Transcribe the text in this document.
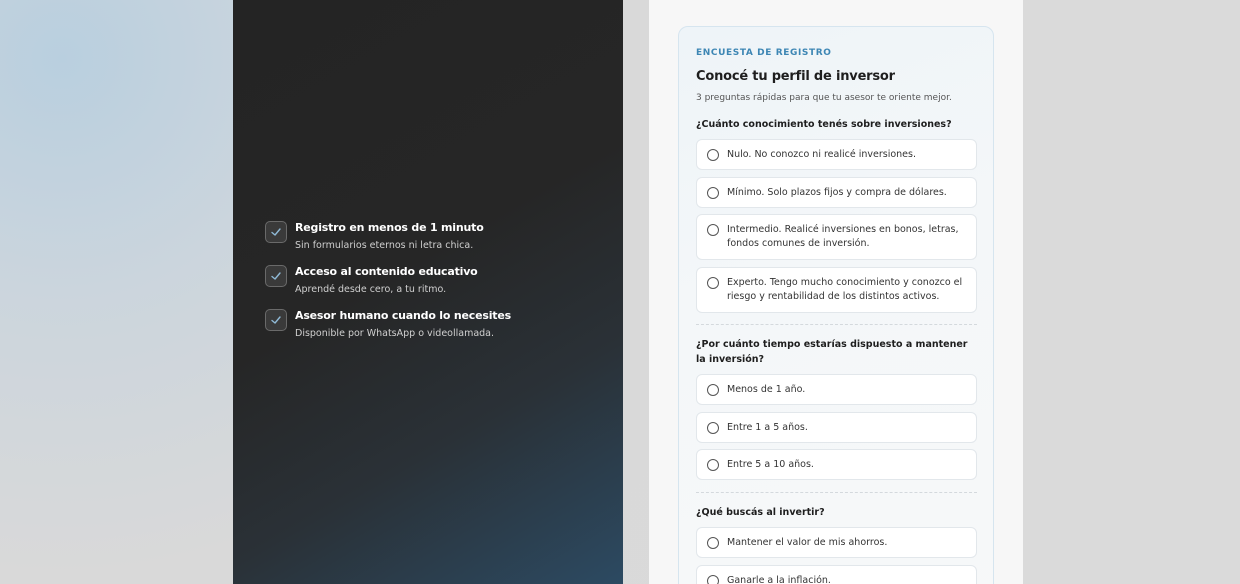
Registro en menos de 1 minuto
Sin formularios eternos ni letra chica.
Acceso al contenido educativo
Aprendé desde cero, a tu ritmo.
Asesor humano cuando lo necesites
Disponible por WhatsApp o videollamada.
ENCUESTA DE REGISTRO
Conocé tu perfil de inversor
3 preguntas rápidas para que tu asesor te oriente mejor.
¿Cuánto conocimiento tenés sobre inversiones?
Nulo. No conozco ni realicé inversiones.
Mínimo. Solo plazos fijos y compra de dólares.
Intermedio. Realicé inversiones en bonos, letras, fondos comunes de inversión.
Experto. Tengo mucho conocimiento y conozco el riesgo y rentabilidad de los distintos activos.
¿Por cuánto tiempo estarías dispuesto a mantener la inversión?
Menos de 1 año.
Entre 1 a 5 años.
Entre 5 a 10 años.
¿Qué buscás al invertir?
Mantener el valor de mis ahorros.
Ganarle a la inflación.
